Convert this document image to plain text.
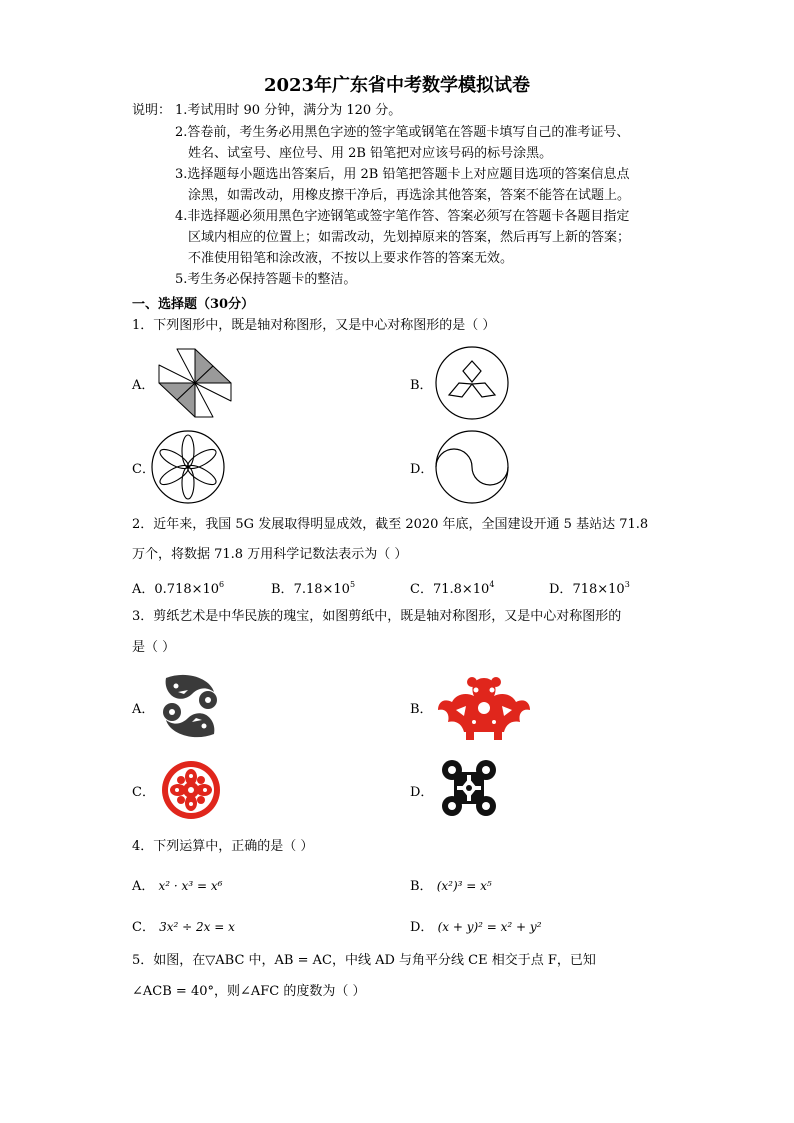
2023年广东省中考数学模拟试卷
说明： 1.考试用时 90 分钟，满分为 120 分。
2.答卷前，考生务必用黑色字迹的签字笔或钢笔在答题卡填写自己的准考证号、
姓名、试室号、座位号、用 2B 铅笔把对应该号码的标号涂黑。
3.选择题每小题选出答案后，用 2B 铅笔把答题卡上对应题目选项的答案信息点
涂黑，如需改动，用橡皮擦干净后，再选涂其他答案，答案不能答在试题上。
4.非选择题必须用黑色字迹钢笔或签字笔作答、答案必须写在答题卡各题目指定
区域内相应的位置上；如需改动，先划掉原来的答案，然后再写上新的答案；
不准使用铅笔和涂改液，不按以上要求作答的答案无效。
5.考生务必保持答题卡的整洁。
一、选择题（30分）
1．下列图形中，既是轴对称图形，又是中心对称图形的是（ ）
A．	B．
C．	D．
2．近年来，我国 5G 发展取得明显成效，截至 2020 年底，全国建设开通 5 基站达 71.8
万个，将数据 71.8 万用科学记数法表示为（ ）
A．$0.718\times 10^6$	B．$7.18\times 10^5$	C．$71.8\times 10^4$	D．$718\times 10^3$
3．剪纸艺术是中华民族的瑰宝，如图剪纸中，既是轴对称图形，又是中心对称图形的
是（ ）
A．	B．
C．	D．
4．下列运算中，正确的是（ ）
A． x² · x³ = x⁶	B． (x²)³ = x⁵
C． 3x² ÷ 2x = x	D． (x + y)² = x² + y²
5．如图，在▽ABC 中，AB = AC，中线 AD 与角平分线 CE 相交于点 F，已知
∠ACB = 40°，则∠AFC 的度数为（ ）
